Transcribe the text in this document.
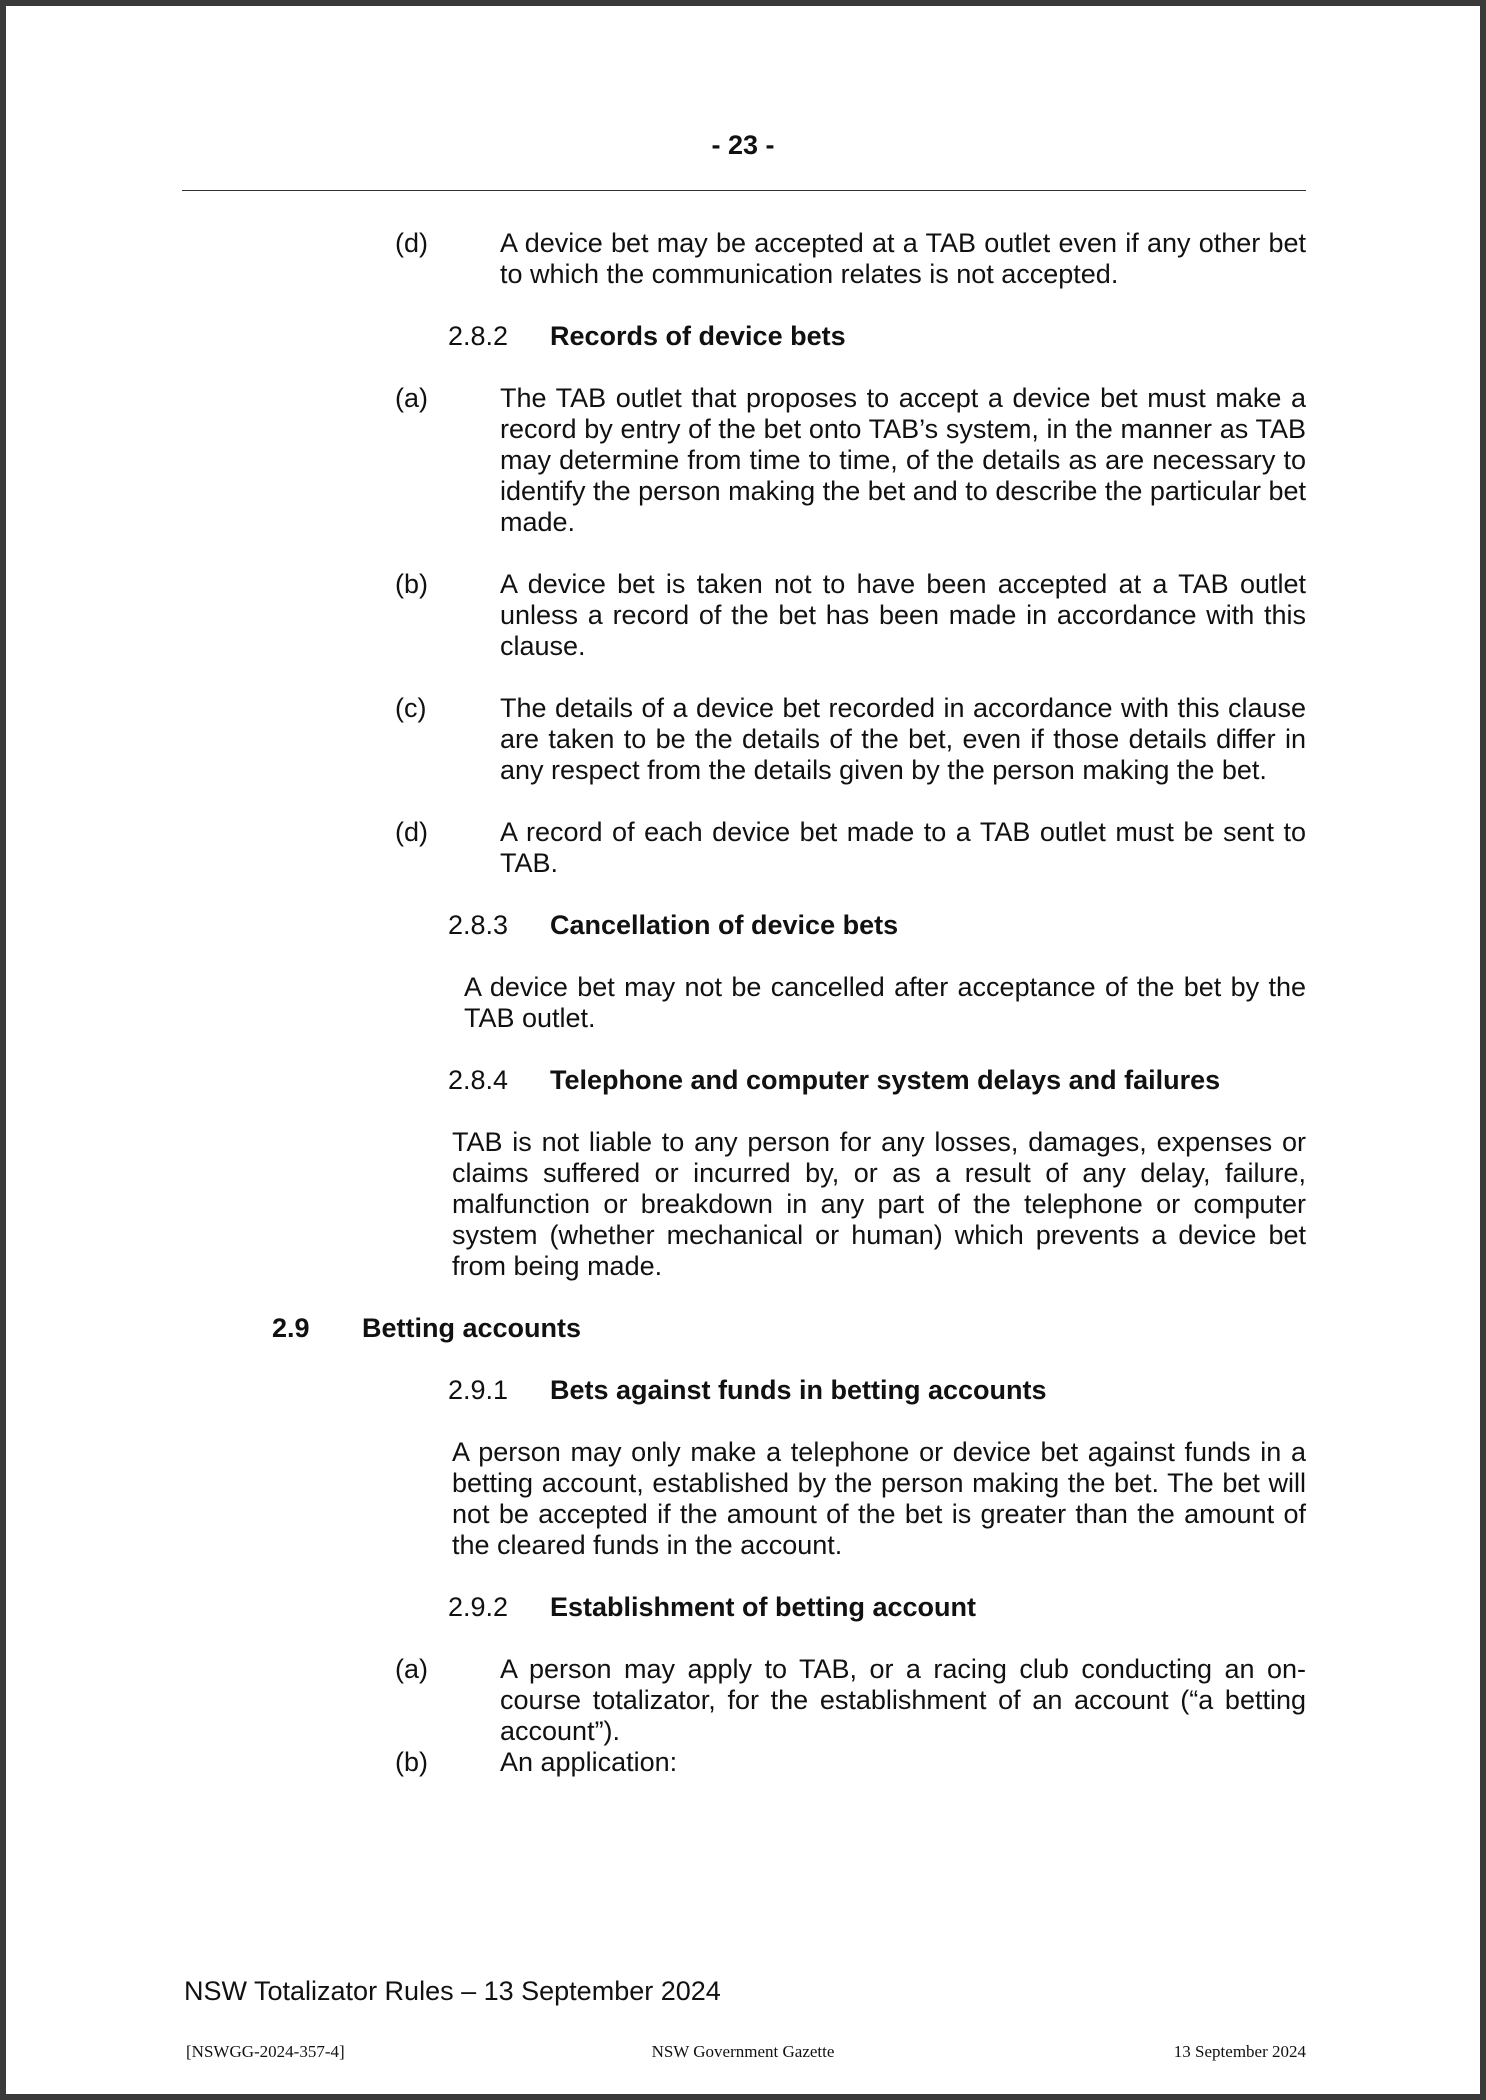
- 23 -
(d)	A device bet may be accepted at a TAB outlet even if any other bet to which the communication relates is not accepted.
2.8.2 Records of device bets
(a)	The TAB outlet that proposes to accept a device bet must make a record by entry of the bet onto TAB’s system, in the manner as TAB may determine from time to time, of the details as are necessary to identify the person making the bet and to describe the particular bet made.
(b)	A device bet is taken not to have been accepted at a TAB outlet unless a record of the bet has been made in accordance with this clause.
(c)	The details of a device bet recorded in accordance with this clause are taken to be the details of the bet, even if those details differ in any respect from the details given by the person making the bet.
(d)	A record of each device bet made to a TAB outlet must be sent to TAB.
2.8.3 Cancellation of device bets
A device bet may not be cancelled after acceptance of the bet by the TAB outlet.
2.8.4 Telephone and computer system delays and failures
TAB is not liable to any person for any losses, damages, expenses or claims suffered or incurred by, or as a result of any delay, failure, malfunction or breakdown in any part of the telephone or computer system (whether mechanical or human) which prevents a device bet from being made.
2.9 Betting accounts
2.9.1 Bets against funds in betting accounts
A person may only make a telephone or device bet against funds in a betting account, established by the person making the bet. The bet will not be accepted if the amount of the bet is greater than the amount of the cleared funds in the account.
2.9.2 Establishment of betting account
(a)	A person may apply to TAB, or a racing club conducting an on-course totalizator, for the establishment of an account (“a betting account”).
(b)	An application:
NSW Totalizator Rules – 13 September 2024
[NSWGG-2024-357-4]	NSW Government Gazette	13 September 2024
